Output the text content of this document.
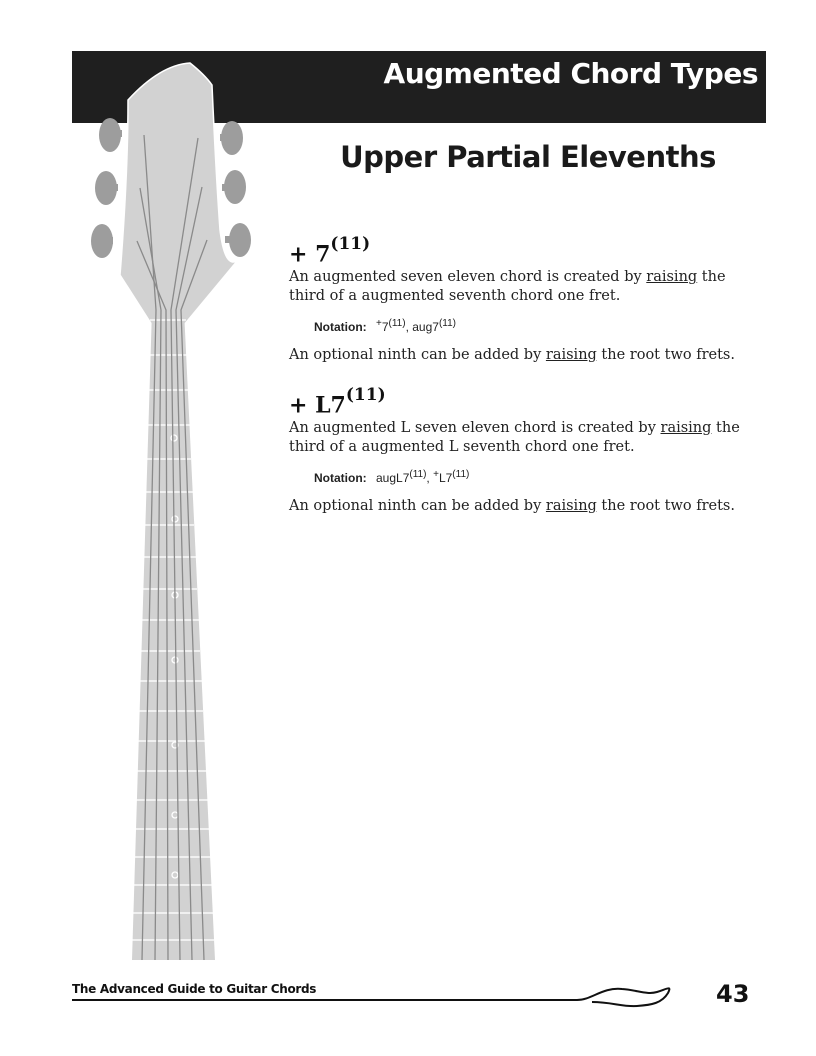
Augmented Chord Types
Upper Partial Elevenths
+ $7^{(11)}$

An augmented seven eleven chord is created by raising the third of a augmented seventh chord one fret.

Notation: +7$^{(11)}$, aug7$^{(11)}$

An optional ninth can be added by raising the root two frets.

+ $L7^{(11)}$

An augmented L seven eleven chord is created by raising the third of a augmented L seventh chord one fret.

Notation: augL7$^{(11)}$, +L7$^{(11)}$

An optional ninth can be added by raising the root two frets.

The Advanced Guide to Guitar Chords	43
